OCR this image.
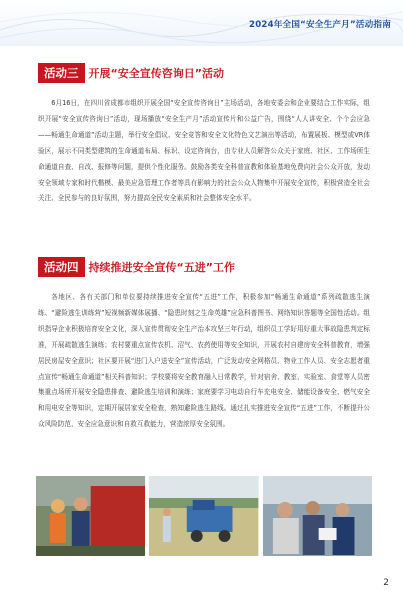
2024年全国“安全生产月”活动指南
活动三 开展“安全宣传咨询日”活动

6月16日，在四川省成都市组织开展全国“安全宣传咨询日”主场活动，各地安委会和企业要结合工作实际，组织开展“安全宣传咨询日”活动，现场播放“安全生产月”活动宣传片和公益广告，围绕“人人讲安全、个个会应急——畅通生命通道”活动主题，举行安全倡议、安全竞答和安全文化特色文艺演出等活动，布置展板、模型或VR体验区，展示不同类型建筑的生命通道布局、标识、设定咨询台，由专业人员解答公众关于家庭、社区、工作场所生命通道自查、自改、报修等问题，提供个性化服务。鼓励各类安全科普宣教和体验基地免费向社会公众开放，发动安全领域专家和时代楷模、最美应急管理工作者等具有影响力的社会公众人物集中开展安全宣传，积极营造全社会关注、全民参与的良好氛围，努力提高全民安全素质和社会整体安全水平。

活动四 持续推进安全宣传“五进”工作

各地区、各有关部门和单位要持续推进安全宣传“五进”工作，积极参加“畅通生命通道”系列疏散逃生演练、“避险逃生训练营”短视频新媒体展播、“隐患时刻之生命英雄”应急科普图书、网络知识答题等全国性活动。组织指导企业积极培育安全文化，深入宣传贯彻安全生产治本攻坚三年行动，组织员工学好用好重大事故隐患判定标准，开展疏散逃生演练；农村要重点宣传农机、沼气、农药使用等安全知识，开展农村自建房安全科普教育，增强居民房屋安全意识；社区要开展“进门入户送安全”宣传活动，广泛发动安全网格员、物业工作人员、安全志愿者重点宣传“畅通生命通道”相关科普知识；学校要将安全教育融入日常教学，针对宿舍、教室、实验室、食堂等人员密集重点场所开展安全隐患排查、避险逃生培训和演练；家庭要学习电动自行车充电安全、储能设备安全、燃气安全和用电安全等知识，定期开展居家安全检查，熟知避险逃生路线。通过扎实推进安全宣传“五进”工作，不断提升公众风险防范、安全应急意识和自救互救能力，营造浓厚安全氛围。

2
